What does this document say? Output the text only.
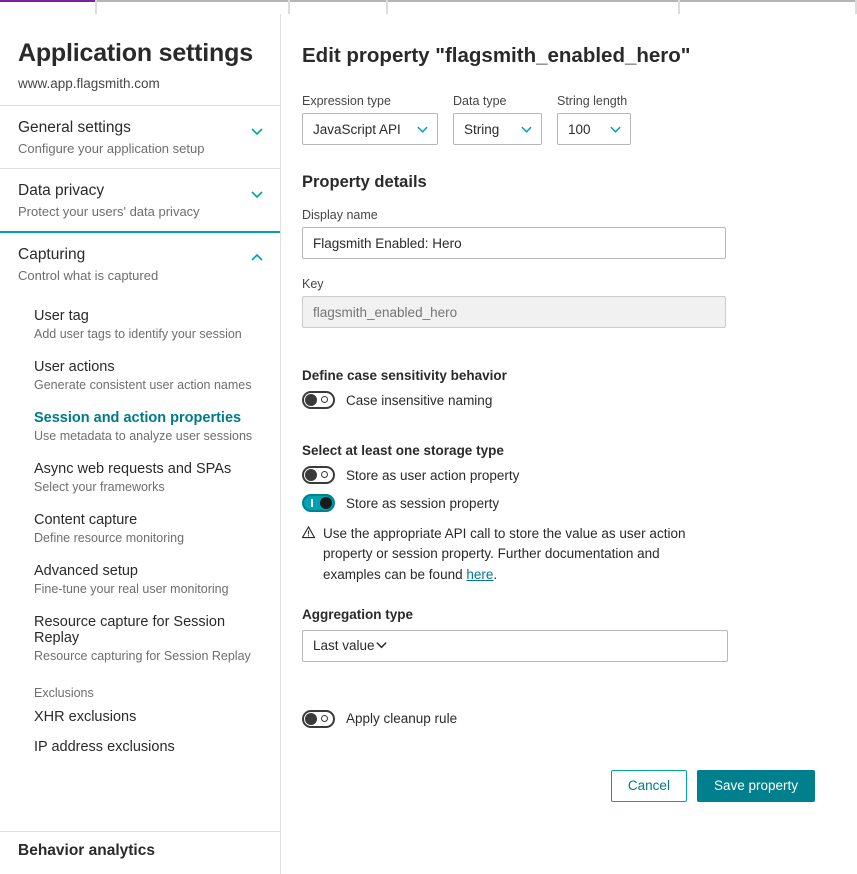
Application settings
www.app.flagsmith.com
General settings
Configure your application setup
Data privacy
Protect your users' data privacy
Capturing
Control what is captured
User tag
Add user tags to identify your session
User actions
Generate consistent user action names
Session and action properties
Use metadata to analyze user sessions
Async web requests and SPAs
Select your frameworks
Content capture
Define resource monitoring
Advanced setup
Fine-tune your real user monitoring
Resource capture for Session Replay
Resource capturing for Session Replay
Exclusions
XHR exclusions
IP address exclusions
Behavior analytics
Edit property "flagsmith_enabled_hero"
Expression type
JavaScript API
Data type
String
String length
100
Property details
Display name
Flagsmith Enabled: Hero
Key
flagsmith_enabled_hero
Define case sensitivity behavior
Case insensitive naming
Select at least one storage type
Store as user action property
Store as session property
Use the appropriate API call to store the value as user action property or session property. Further documentation and examples can be found here.
Aggregation type
Last value
Apply cleanup rule
Cancel	Save property
